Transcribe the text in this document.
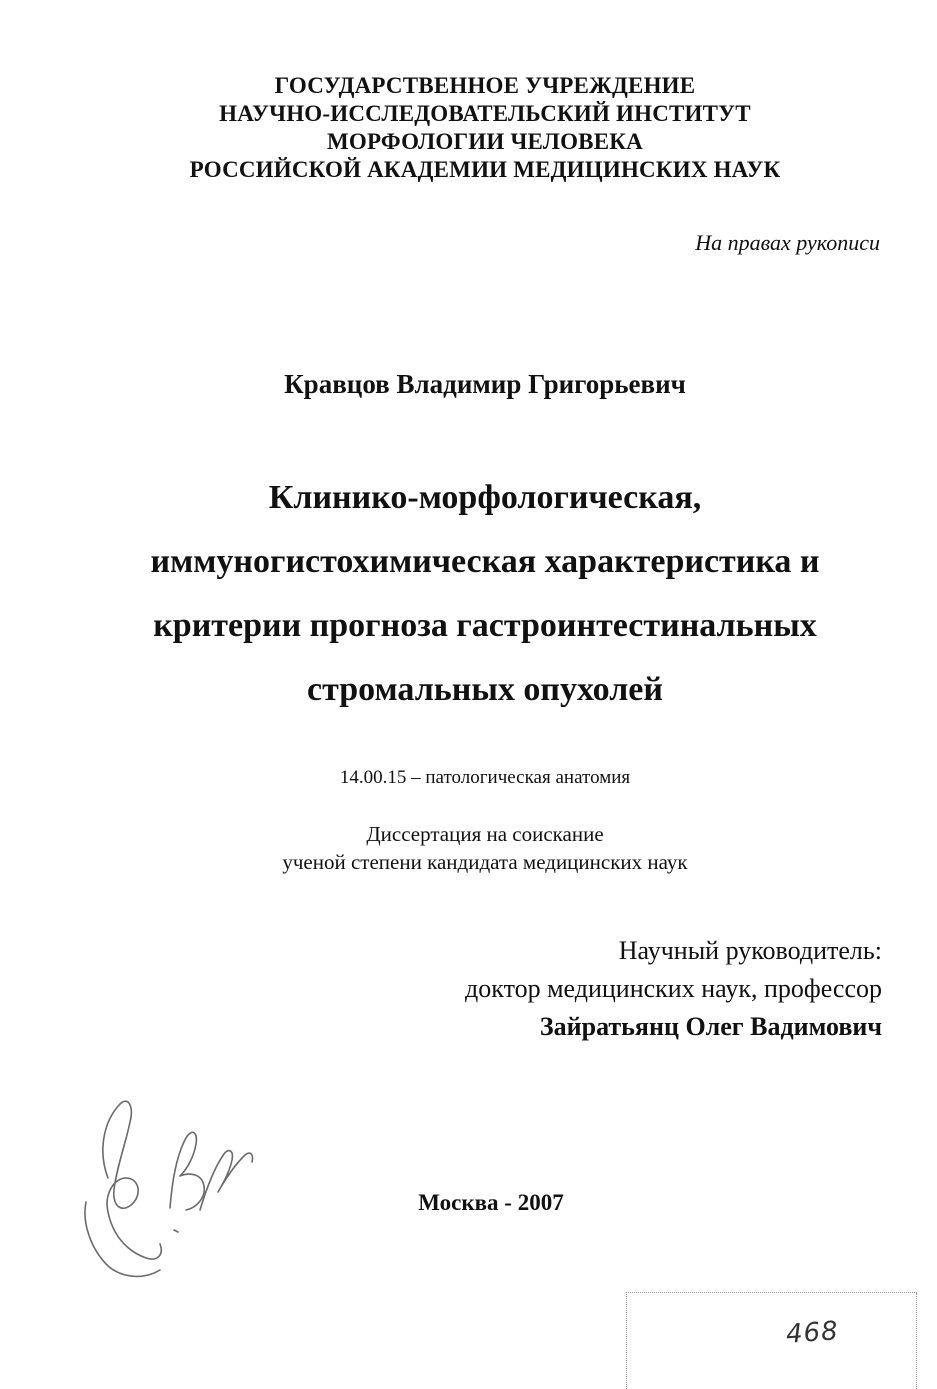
ГОСУДАРСТВЕННОЕ УЧРЕЖДЕНИЕ
НАУЧНО-ИССЛЕДОВАТЕЛЬСКИЙ ИНСТИТУТ
МОРФОЛОГИИ ЧЕЛОВЕКА
РОССИЙСКОЙ АКАДЕМИИ МЕДИЦИНСКИХ НАУК
На правах рукописи
Кравцов Владимир Григорьевич
Клинико-морфологическая,
иммуногистохимическая характеристика и
критерии прогноза гастроинтестинальных
стромальных опухолей
14.00.15 – патологическая анатомия
Диссертация на соискание
ученой степени кандидата медицинских наук
Научный руководитель:
доктор медицинских наук, профессор
Зайратьянц Олег Вадимович
Москва - 2007
468
